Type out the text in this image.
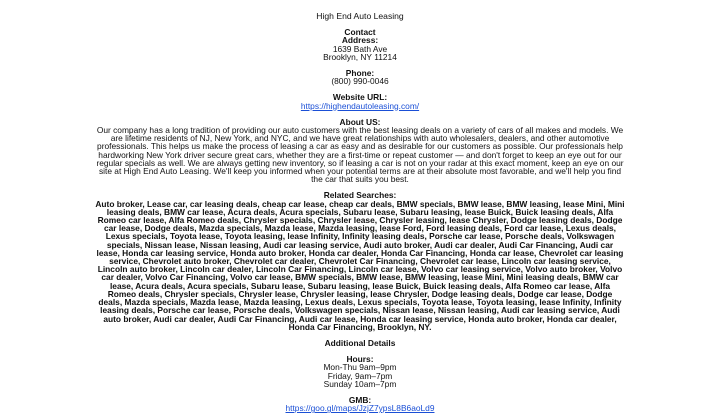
High End Auto Leasing
Contact
Address:
1639 Bath Ave
Brooklyn, NY 11214
Phone:
(800) 990-0046
Website URL:
https://highendautoleasing.com/
About US:
Our company has a long tradition of providing our auto customers with the best leasing deals on a variety of cars of all makes and models. We are lifetime residents of NJ, New York, and NYC, and we have great relationships with auto wholesalers, dealers, and other automotive professionals. This helps us make the process of leasing a car as easy and as desirable for our customers as possible. Our professionals help hardworking New York driver secure great cars, whether they are a first-time or repeat customer — and don't forget to keep an eye out for our regular specials as well. We are always getting new inventory, so if leasing a car is not on your radar at this exact moment, keep an eye on our site at High End Auto Leasing. We'll keep you informed when your potential terms are at their absolute most favorable, and we'll help you find the car that suits you best.
Related Searches:
Auto broker, Lease car, car leasing deals, cheap car lease, cheap car deals, BMW specials, BMW lease, BMW leasing, lease Mini, Mini leasing deals, BMW car lease, Acura deals, Acura specials, Subaru lease, Subaru leasing, lease Buick, Buick leasing deals, Alfa Romeo car lease, Alfa Romeo deals, Chrysler specials, Chrysler lease, Chrysler leasing, lease Chrysler, Dodge leasing deals, Dodge car lease, Dodge deals, Mazda specials, Mazda lease, Mazda leasing, lease Ford, Ford leasing deals, Ford car lease, Lexus deals, Lexus specials, Toyota lease, Toyota leasing, lease Infinity, Infinity leasing deals, Porsche car lease, Porsche deals, Volkswagen specials, Nissan lease, Nissan leasing, Audi car leasing service, Audi auto broker, Audi car dealer, Audi Car Financing, Audi car lease, Honda car leasing service, Honda auto broker, Honda car dealer, Honda Car Financing, Honda car lease, Chevrolet car leasing service, Chevrolet auto broker, Chevrolet car dealer, Chevrolet Car Financing, Chevrolet car lease, Lincoln car leasing service, Lincoln auto broker, Lincoln car dealer, Lincoln Car Financing, Lincoln car lease, Volvo car leasing service, Volvo auto broker, Volvo car dealer, Volvo Car Financing, Volvo car lease, BMW specials, BMW lease, BMW leasing, lease Mini, Mini leasing deals, BMW car lease, Acura deals, Acura specials, Subaru lease, Subaru leasing, lease Buick, Buick leasing deals, Alfa Romeo car lease, Alfa Romeo deals, Chrysler specials, Chrysler lease, Chrysler leasing, lease Chrysler, Dodge leasing deals, Dodge car lease, Dodge deals, Mazda specials, Mazda lease, Mazda leasing, Lexus deals, Lexus specials, Toyota lease, Toyota leasing, lease Infinity, Infinity leasing deals, Porsche car lease, Porsche deals, Volkswagen specials, Nissan lease, Nissan leasing, Audi car leasing service, Audi auto broker, Audi car dealer, Audi Car Financing, Audi car lease, Honda car leasing service, Honda auto broker, Honda car dealer, Honda Car Financing, Brooklyn, NY.
Additional Details
Hours:
Mon-Thu 9am–9pm
Friday, 9am–7pm
Sunday 10am–7pm
GMB:
https://goo.gl/maps/JzjZ7ypsL8B6aoLd9
